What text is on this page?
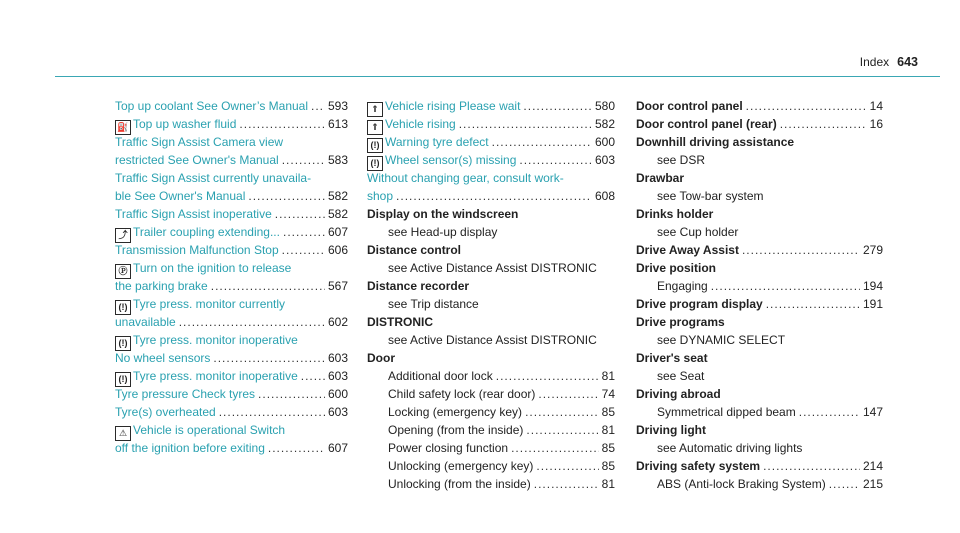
Index 643
Top up coolant See Owner’s Manual ..... 593
⛽ Top up washer fluid .....	613
Traffic Sign Assist Camera view
restricted See Owner's Manual .....	583
Traffic Sign Assist currently unavaila-
ble See Owner's Manual .....	582
Traffic Sign Assist inoperative .....	582
⤴ Trailer coupling extending... .....	607
Transmission Malfunction Stop .....	606
Ⓟ Turn on the ignition to release
the parking brake .....	567
(!) Tyre press. monitor currently
unavailable .....	602
(!) Tyre press. monitor inoperative
No wheel sensors .....	603
(!) Tyre press. monitor inoperative .....	603
Tyre pressure Check tyres .....	600
Tyre(s) overheated .....	603
⚠ Vehicle is operational Switch
off the ignition before exiting .....	607
⇑ Vehicle rising Please wait .....	580
⇑ Vehicle rising .....	582
(!) Warning tyre defect .....	600
(!) Wheel sensor(s) missing .....	603
Without changing gear, consult work-
shop .....	608
Display on the windscreen
see Head-up display
Distance control
see Active Distance Assist DISTRONIC
Distance recorder
see Trip distance
DISTRONIC
see Active Distance Assist DISTRONIC
Door
Additional door lock .....	81
Child safety lock (rear door) .....	74
Locking (emergency key) .....	85
Opening (from the inside) .....	81
Power closing function .....	85
Unlocking (emergency key) .....	85
Unlocking (from the inside) .....	81
Door control panel .....	14
Door control panel (rear) .....	16
Downhill driving assistance
see DSR
Drawbar
see Tow-bar system
Drinks holder
see Cup holder
Drive Away Assist .....	279
Drive position
Engaging .....	194
Drive program display .....	191
Drive programs
see DYNAMIC SELECT
Driver's seat
see Seat
Driving abroad
Symmetrical dipped beam .....	147
Driving light
see Automatic driving lights
Driving safety system .....	214
ABS (Anti-lock Braking System) .....	215
